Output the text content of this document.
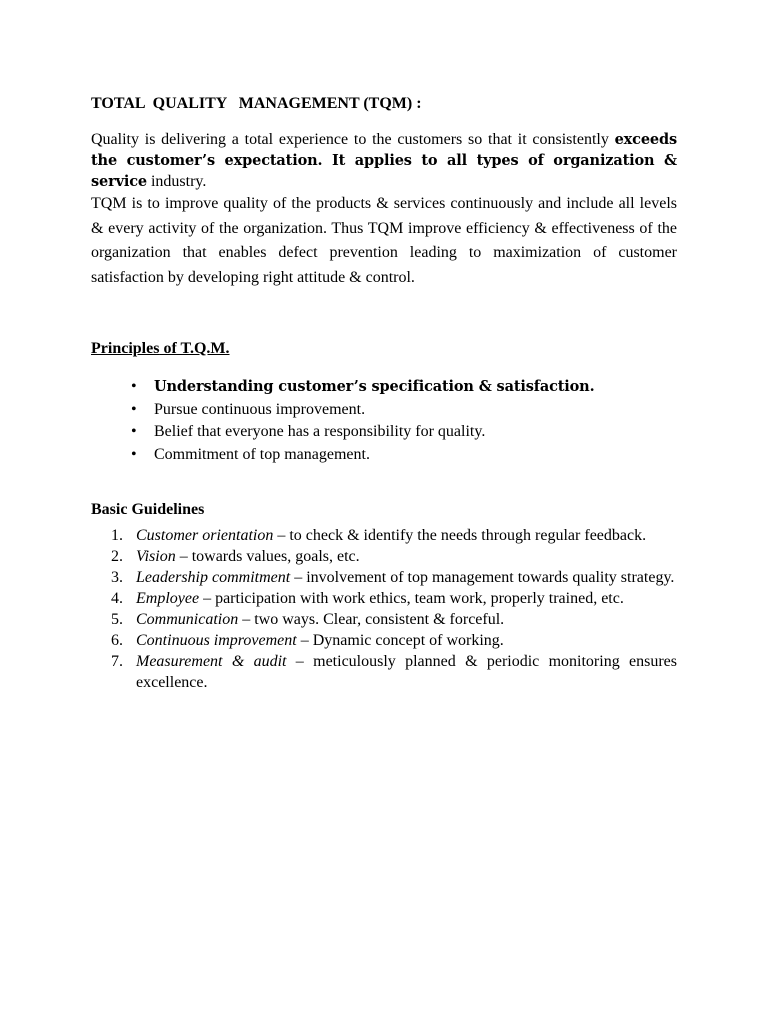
TOTAL  QUALITY   MANAGEMENT (TQM) :

Quality is delivering a total experience to the customers so that it consistently exceeds the customer’s expectation. It applies to all types of organization & service industry.

TQM is to improve quality of the products & services continuously and include all levels & every activity of the organization. Thus TQM improve efficiency & effectiveness of the organization that enables defect prevention leading to maximization of customer satisfaction by developing right attitude & control.

Principles of T.Q.M.
• Understanding customer’s specification & satisfaction.
• Pursue continuous improvement.
• Belief that everyone has a responsibility for quality.
• Commitment of top management.
Basic Guidelines
1. Customer orientation – to check & identify the needs through regular feedback.
2. Vision – towards values, goals, etc.
3. Leadership commitment – involvement of top management towards quality strategy.
4. Employee – participation with work ethics, team work, properly trained, etc.
5. Communication – two ways. Clear, consistent & forceful.
6. Continuous improvement – Dynamic concept of working.
7. Measurement & audit – meticulously planned & periodic monitoring ensures excellence.
